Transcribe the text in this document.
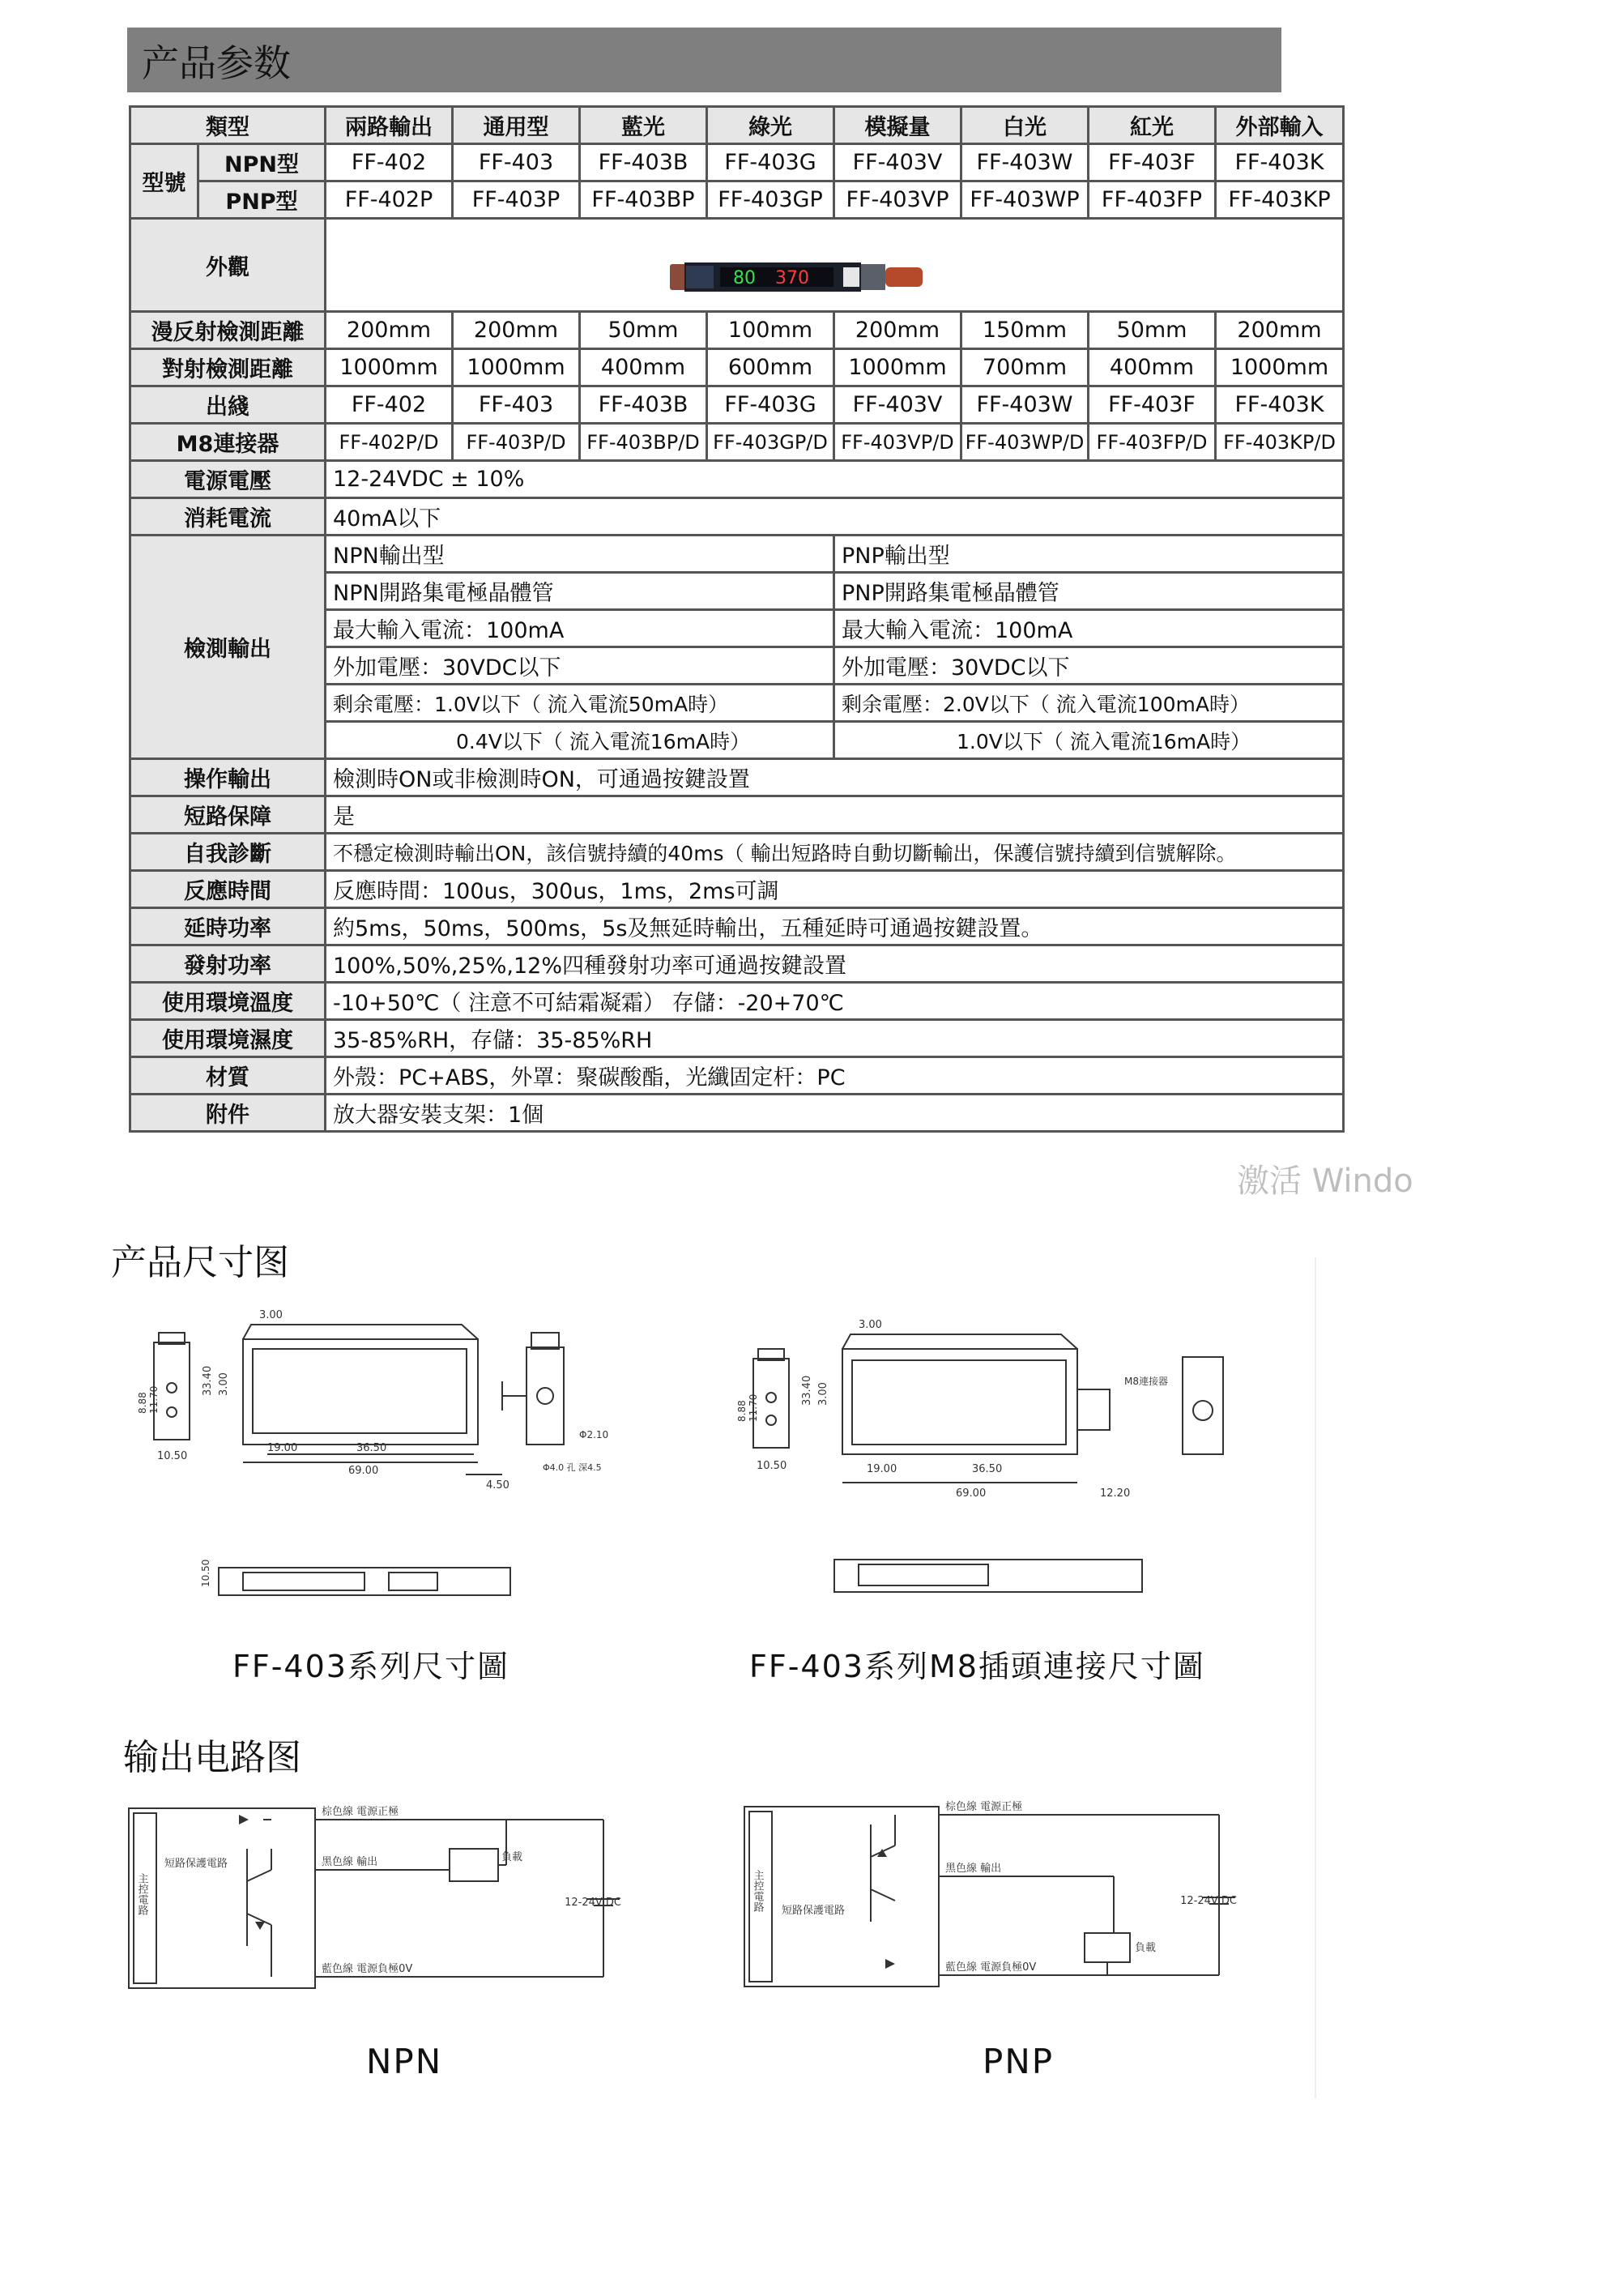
产品参数
類型		兩路輸出	通用型	藍光	綠光	模擬量	白光	紅光	外部輸入
型號	NPN型	FF-402	FF-403	FF-403B	FF-403G	FF-403V	FF-403W	FF-403F	FF-403K
	PNP型	FF-402P	FF-403P	FF-403BP	FF-403GP	FF-403VP	FF-403WP	FF-403FP	FF-403KP
外觀									
漫反射檢測距離		200mm	200mm	50mm	100mm	200mm	150mm	50mm	200mm
對射檢測距離		1000mm	1000mm	400mm	600mm	1000mm	700mm	400mm	1000mm
出綫		FF-402	FF-403	FF-403B	FF-403G	FF-403V	FF-403W	FF-403F	FF-403K
M8連接器		FF-402P/D	FF-403P/D	FF-403BP/D	FF-403GP/D	FF-403VP/D	FF-403WP/D	FF-403FP/D	FF-403KP/D
電源電壓		12-24VDC ± 10%							
消耗電流		40mA以下							
檢測輸出		NPN輸出型				PNP輸出型			
		NPN開路集電極晶體管				PNP開路集電極晶體管			
		最大輸入電流：100mA				最大輸入電流：100mA			
		外加電壓：30VDC以下				外加電壓：30VDC以下			
		剩余電壓：1.0V以下（ 流入電流50mA時）				剩余電壓：2.0V以下（ 流入電流100mA時）			
		0.4V以下（ 流入電流16mA時）				1.0V以下（ 流入電流16mA時）			
操作輸出		檢測時ON或非檢測時ON，可通過按鍵設置							
短路保障		是							
自我診斷		不穩定檢測時輸出ON，該信號持續的40ms（ 輸出短路時自動切斷輸出，保護信號持續到信號解除。							
反應時間		反應時間：100us，300us，1ms，2ms可調							
延時功率		約5ms，50ms，500ms，5s及無延時輸出，五種延時可通過按鍵設置。							
發射功率		100%,50%,25%,12%四種發射功率可通過按鍵設置							
使用環境溫度		-10+50℃（ 注意不可結霜凝霜） 存儲：-20+70℃							
使用環境濕度		35-85%RH，存儲：35-85%RH							
材質		外殼：PC+ABS，外罩：聚碳酸酯，光纖固定杆：PC							
附件		放大器安裝支架：1個							
80 370
激活 Windo
产品尺寸图
3.00
33.40 3.00
8.88 11.70
10.50
19.00	36.50
69.00
4.50
Φ2.10
Φ4.0 孔 深4.5
10.50
3.00
33.40 3.00
8.88 11.70
10.50	19.00	36.50
69.00	12.20
M8連接器
FF-403系列尺寸圖	FF-403系列M8插頭連接尺寸圖
输出电路图
主控電路
短路保護電路
棕色線 電源正極
黑色線 輸出
藍色線 電源負極0V
負載
12-24V DC	主控電路 短路保護電路
棕色線 電源正極
黑色線 輸出
藍色線 電源負極0V
負載
12-24V DC
NPN	PNP
